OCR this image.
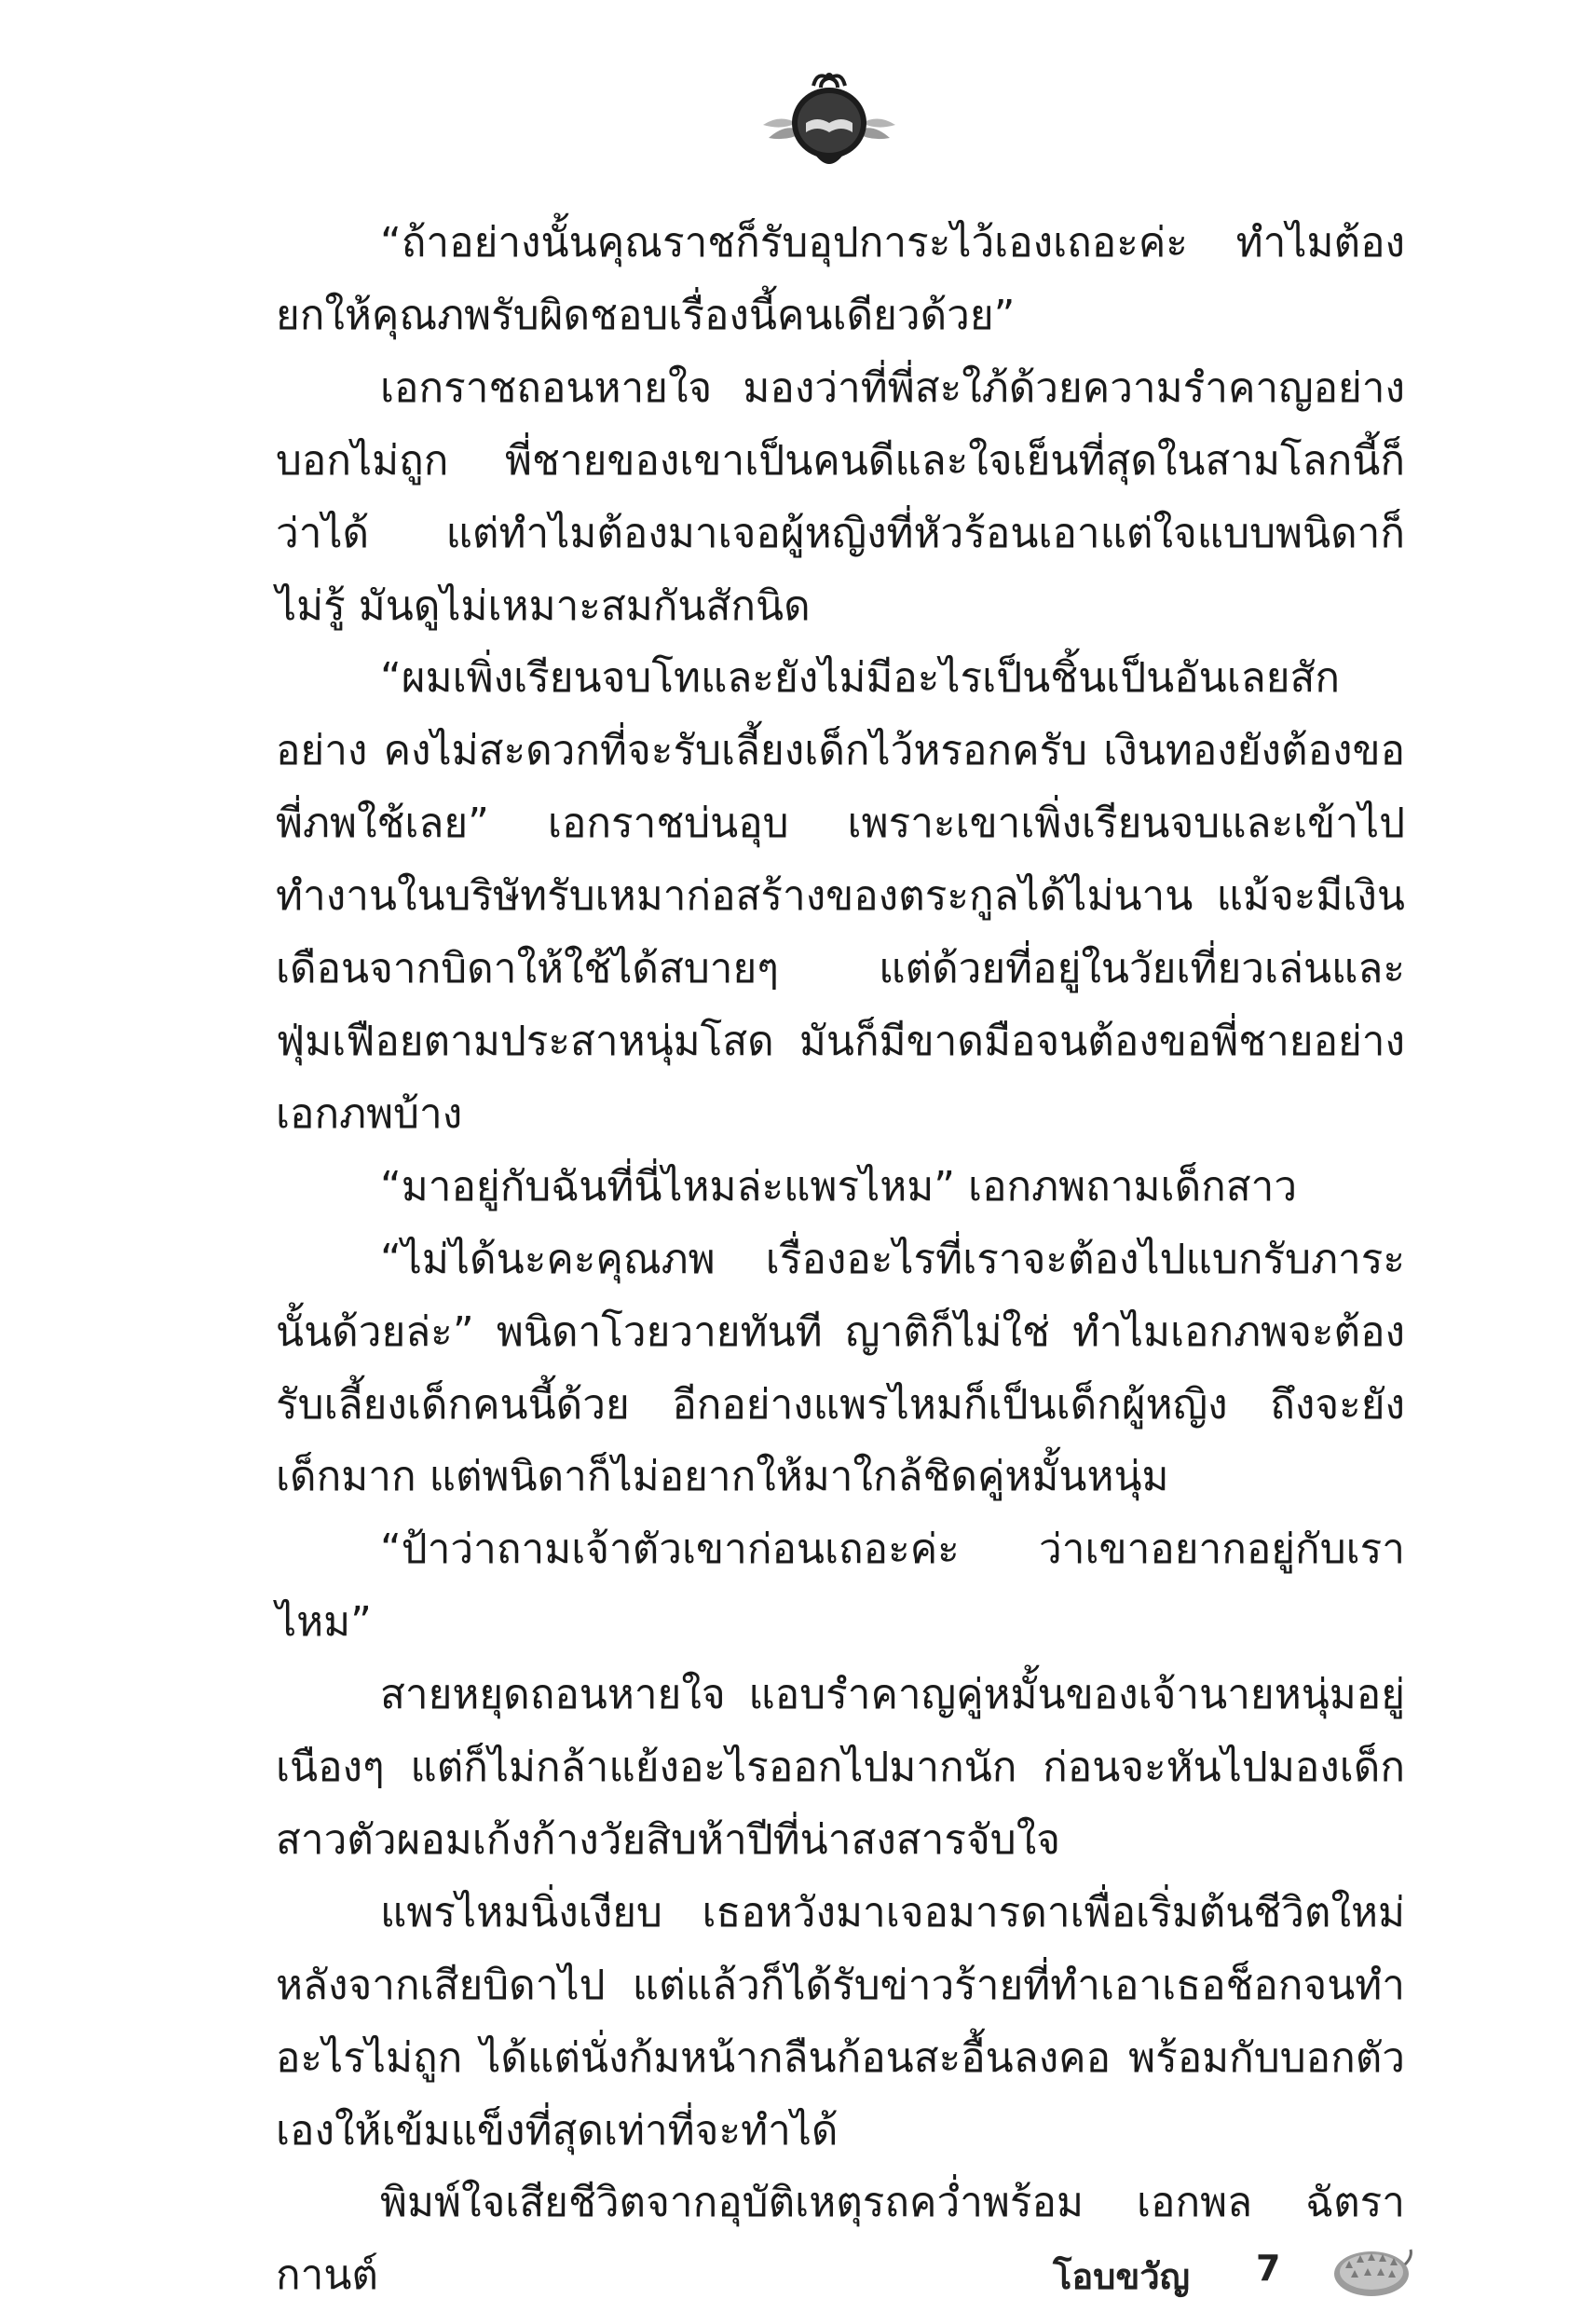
“ถ้าอย่างนั้นคุณราชก็รับอุปการะไว้เองเถอะค่ะ ทำไมต้องยกให้คุณภพรับผิดชอบเรื่องนี้คนเดียวด้วย”

เอกราชถอนหายใจ มองว่าที่พี่สะใภ้ด้วยความรำคาญอย่างบอกไม่ถูก พี่ชายของเขาเป็นคนดีและใจเย็นที่สุดในสามโลกนี้ก็ว่าได้ แต่ทำไมต้องมาเจอผู้หญิงที่หัวร้อนเอาแต่ใจแบบพนิดาก็ไม่รู้ มันดูไม่เหมาะสมกันสักนิด

“ผมเพิ่งเรียนจบโทและยังไม่มีอะไรเป็นชิ้นเป็นอันเลยสักอย่าง คงไม่สะดวกที่จะรับเลี้ยงเด็กไว้หรอกครับ เงินทองยังต้องขอพี่ภพใช้เลย” เอกราชบ่นอุบ เพราะเขาเพิ่งเรียนจบและเข้าไปทำงานในบริษัทรับเหมาก่อสร้างของตระกูลได้ไม่นาน แม้จะมีเงินเดือนจากบิดาให้ใช้ได้สบายๆ แต่ด้วยที่อยู่ในวัยเที่ยวเล่นและฟุ่มเฟือยตามประสาหนุ่มโสด มันก็มีขาดมือจนต้องขอพี่ชายอย่างเอกภพบ้าง

“มาอยู่กับฉันที่นี่ไหมล่ะแพรไหม” เอกภพถามเด็กสาว

“ไม่ได้นะคะคุณภพ เรื่องอะไรที่เราจะต้องไปแบกรับภาระนั้นด้วยล่ะ” พนิดาโวยวายทันที ญาติก็ไม่ใช่ ทำไมเอกภพจะต้องรับเลี้ยงเด็กคนนี้ด้วย อีกอย่างแพรไหมก็เป็นเด็กผู้หญิง ถึงจะยังเด็กมาก แต่พนิดาก็ไม่อยากให้มาใกล้ชิดคู่หมั้นหนุ่ม

“ป้าว่าถามเจ้าตัวเขาก่อนเถอะค่ะ ว่าเขาอยากอยู่กับเราไหม”

สายหยุดถอนหายใจ แอบรำคาญคู่หมั้นของเจ้านายหนุ่มอยู่เนืองๆ แต่ก็ไม่กล้าแย้งอะไรออกไปมากนัก ก่อนจะหันไปมองเด็กสาวตัวผอมเก้งก้างวัยสิบห้าปีที่น่าสงสารจับใจ

แพรไหมนิ่งเงียบ เธอหวังมาเจอมารดาเพื่อเริ่มต้นชีวิตใหม่หลังจากเสียบิดาไป แต่แล้วก็ได้รับข่าวร้ายที่ทำเอาเธอช็อกจนทำอะไรไม่ถูก ได้แต่นั่งก้มหน้ากลืนก้อนสะอื้นลงคอ พร้อมกับบอกตัวเองให้เข้มแข็งที่สุดเท่าที่จะทำได้

พิมพ์ใจเสียชีวิตจากอุบัติเหตุรถคว่ำพร้อม เอกพล ฉัตรากานต์	โอบขวัญ 7
